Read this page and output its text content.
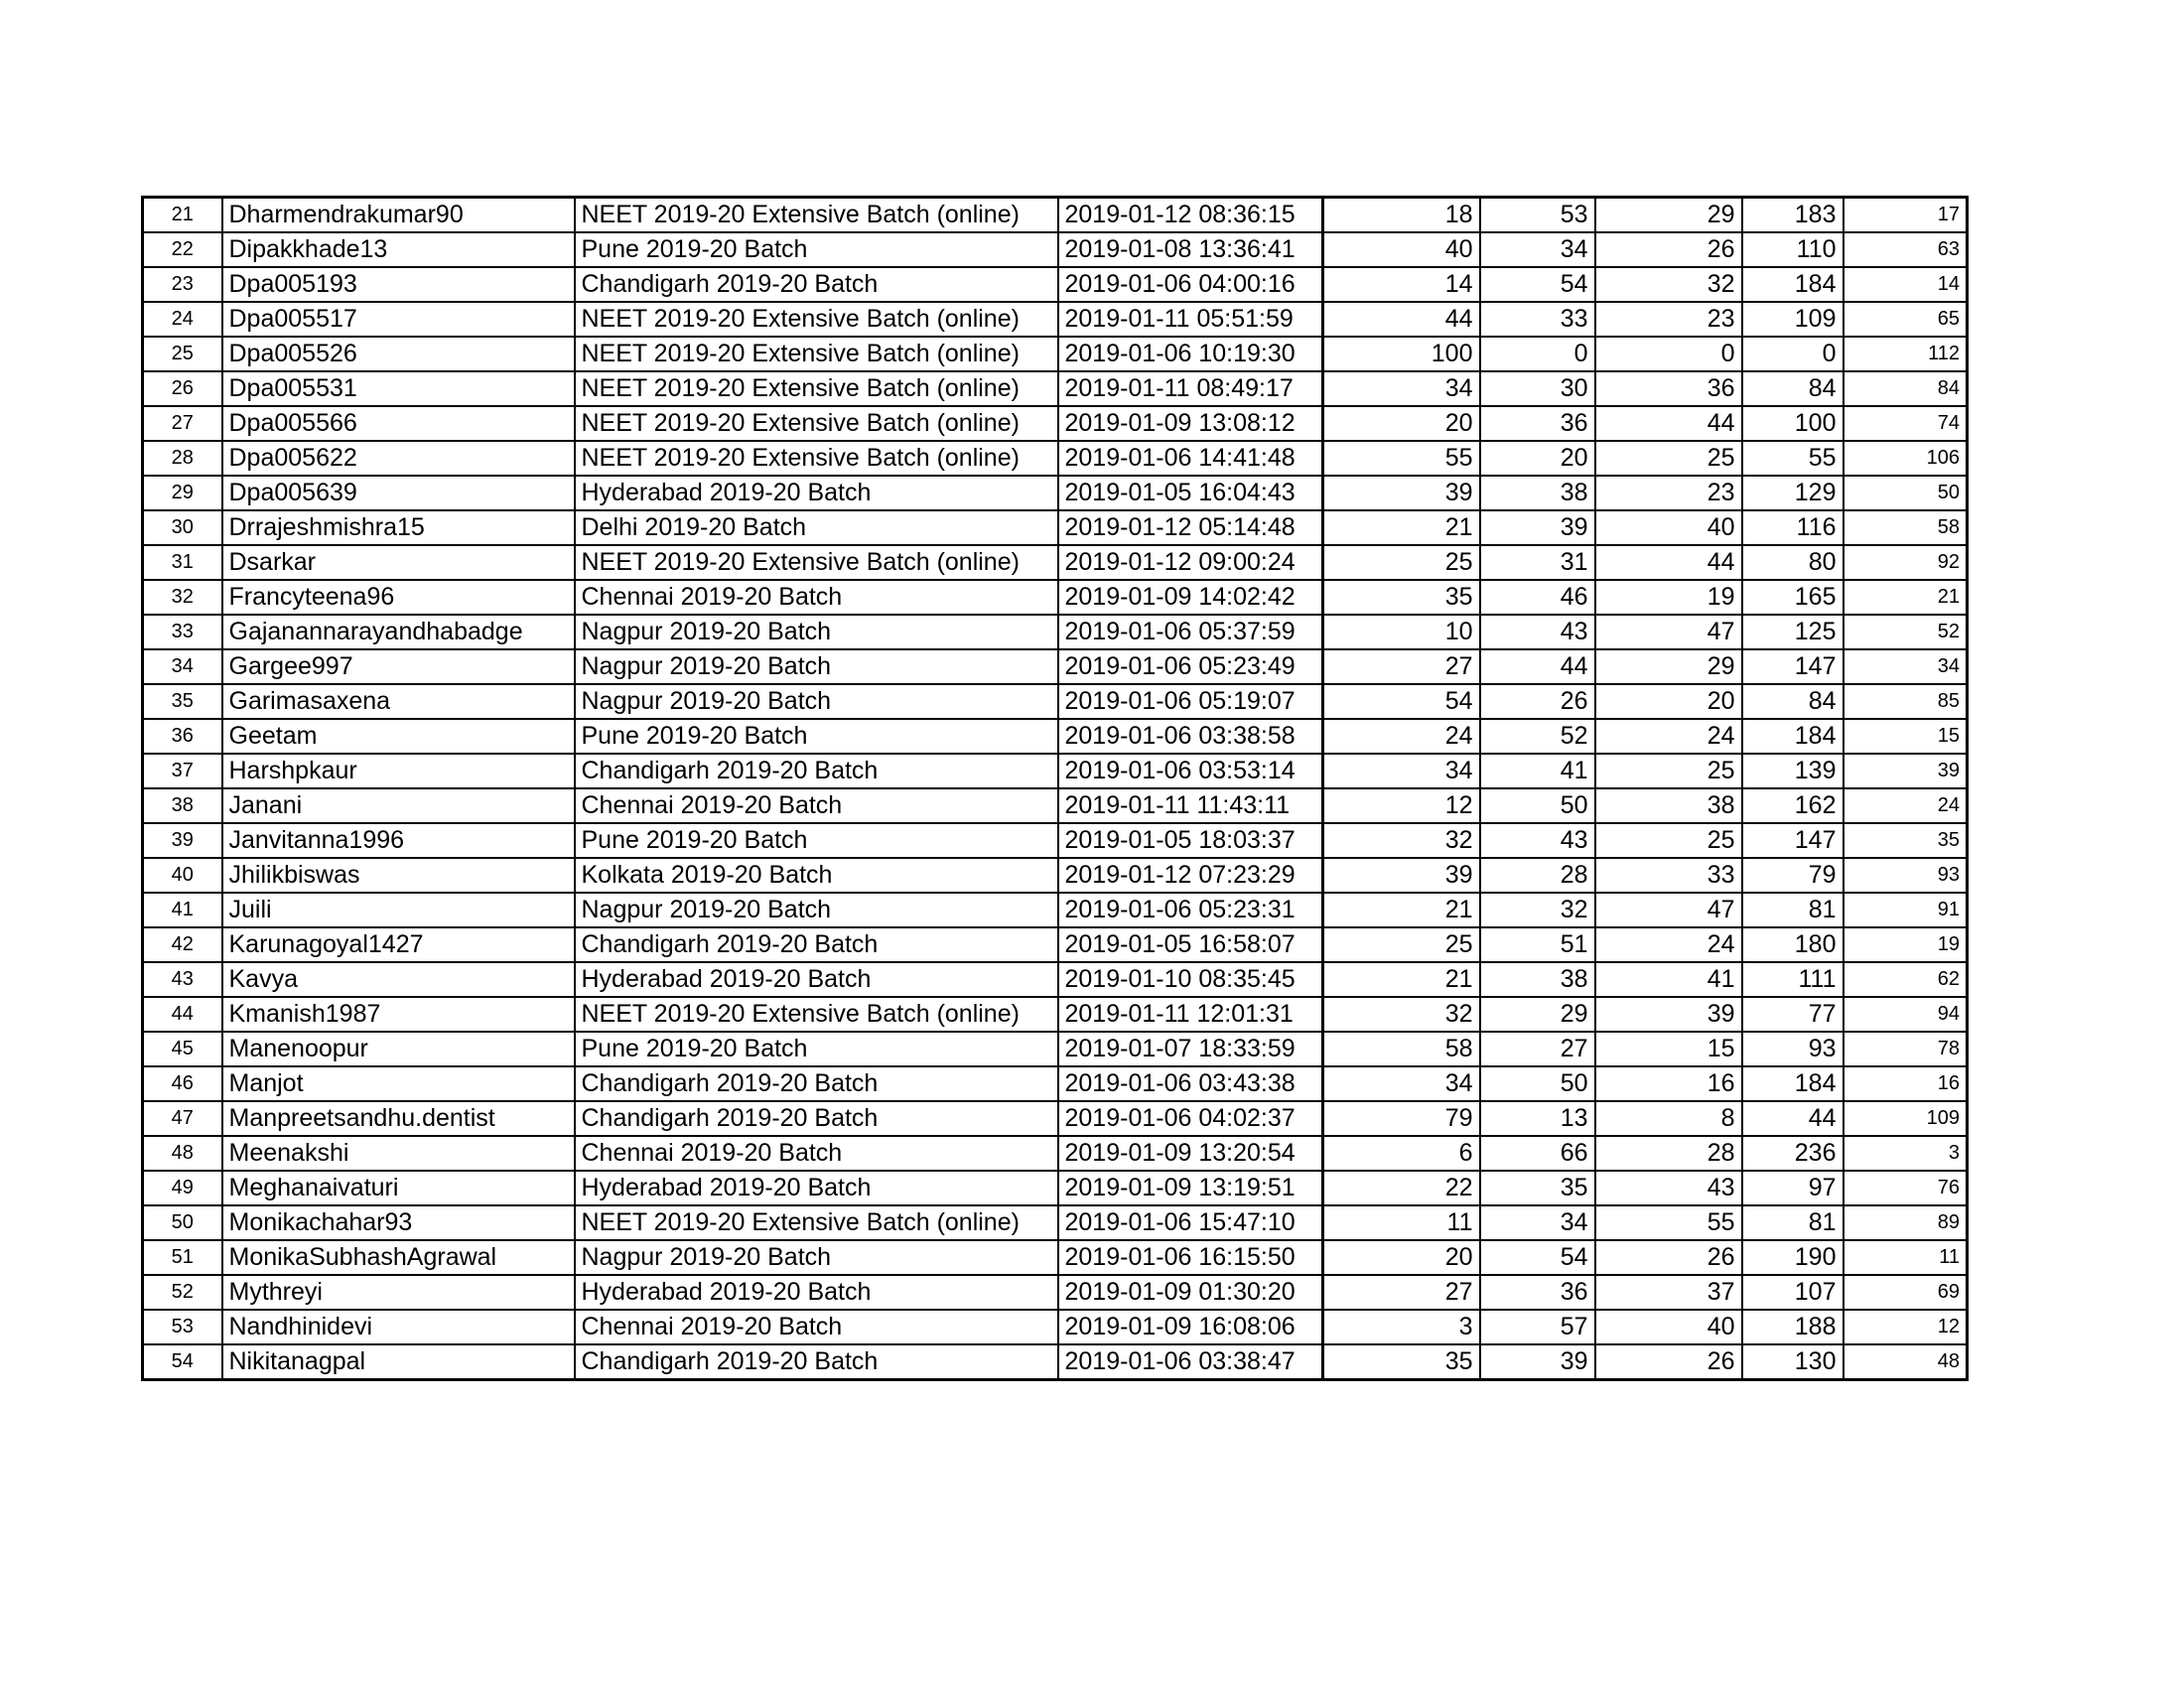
21	Dharmendrakumar90	NEET 2019-20 Extensive Batch (online)	2019-01-12 08:36:15	18	53	29	183	17
22	Dipakkhade13	Pune 2019-20 Batch	2019-01-08 13:36:41	40	34	26	110	63
23	Dpa005193	Chandigarh 2019-20 Batch	2019-01-06 04:00:16	14	54	32	184	14
24	Dpa005517	NEET 2019-20 Extensive Batch (online)	2019-01-11 05:51:59	44	33	23	109	65
25	Dpa005526	NEET 2019-20 Extensive Batch (online)	2019-01-06 10:19:30	100	0	0	0	112
26	Dpa005531	NEET 2019-20 Extensive Batch (online)	2019-01-11 08:49:17	34	30	36	84	84
27	Dpa005566	NEET 2019-20 Extensive Batch (online)	2019-01-09 13:08:12	20	36	44	100	74
28	Dpa005622	NEET 2019-20 Extensive Batch (online)	2019-01-06 14:41:48	55	20	25	55	106
29	Dpa005639	Hyderabad 2019-20 Batch	2019-01-05 16:04:43	39	38	23	129	50
30	Drrajeshmishra15	Delhi 2019-20 Batch	2019-01-12 05:14:48	21	39	40	116	58
31	Dsarkar	NEET 2019-20 Extensive Batch (online)	2019-01-12 09:00:24	25	31	44	80	92
32	Francyteena96	Chennai 2019-20 Batch	2019-01-09 14:02:42	35	46	19	165	21
33	Gajanannarayandhabadge	Nagpur 2019-20 Batch	2019-01-06 05:37:59	10	43	47	125	52
34	Gargee997	Nagpur 2019-20 Batch	2019-01-06 05:23:49	27	44	29	147	34
35	Garimasaxena	Nagpur 2019-20 Batch	2019-01-06 05:19:07	54	26	20	84	85
36	Geetam	Pune 2019-20 Batch	2019-01-06 03:38:58	24	52	24	184	15
37	Harshpkaur	Chandigarh 2019-20 Batch	2019-01-06 03:53:14	34	41	25	139	39
38	Janani	Chennai 2019-20 Batch	2019-01-11 11:43:11	12	50	38	162	24
39	Janvitanna1996	Pune 2019-20 Batch	2019-01-05 18:03:37	32	43	25	147	35
40	Jhilikbiswas	Kolkata 2019-20 Batch	2019-01-12 07:23:29	39	28	33	79	93
41	Juili	Nagpur 2019-20 Batch	2019-01-06 05:23:31	21	32	47	81	91
42	Karunagoyal1427	Chandigarh 2019-20 Batch	2019-01-05 16:58:07	25	51	24	180	19
43	Kavya	Hyderabad 2019-20 Batch	2019-01-10 08:35:45	21	38	41	111	62
44	Kmanish1987	NEET 2019-20 Extensive Batch (online)	2019-01-11 12:01:31	32	29	39	77	94
45	Manenoopur	Pune 2019-20 Batch	2019-01-07 18:33:59	58	27	15	93	78
46	Manjot	Chandigarh 2019-20 Batch	2019-01-06 03:43:38	34	50	16	184	16
47	Manpreetsandhu.dentist	Chandigarh 2019-20 Batch	2019-01-06 04:02:37	79	13	8	44	109
48	Meenakshi	Chennai 2019-20 Batch	2019-01-09 13:20:54	6	66	28	236	3
49	Meghanaivaturi	Hyderabad 2019-20 Batch	2019-01-09 13:19:51	22	35	43	97	76
50	Monikachahar93	NEET 2019-20 Extensive Batch (online)	2019-01-06 15:47:10	11	34	55	81	89
51	MonikaSubhashAgrawal	Nagpur 2019-20 Batch	2019-01-06 16:15:50	20	54	26	190	11
52	Mythreyi	Hyderabad 2019-20 Batch	2019-01-09 01:30:20	27	36	37	107	69
53	Nandhinidevi	Chennai 2019-20 Batch	2019-01-09 16:08:06	3	57	40	188	12
54	Nikitanagpal	Chandigarh 2019-20 Batch	2019-01-06 03:38:47	35	39	26	130	48
